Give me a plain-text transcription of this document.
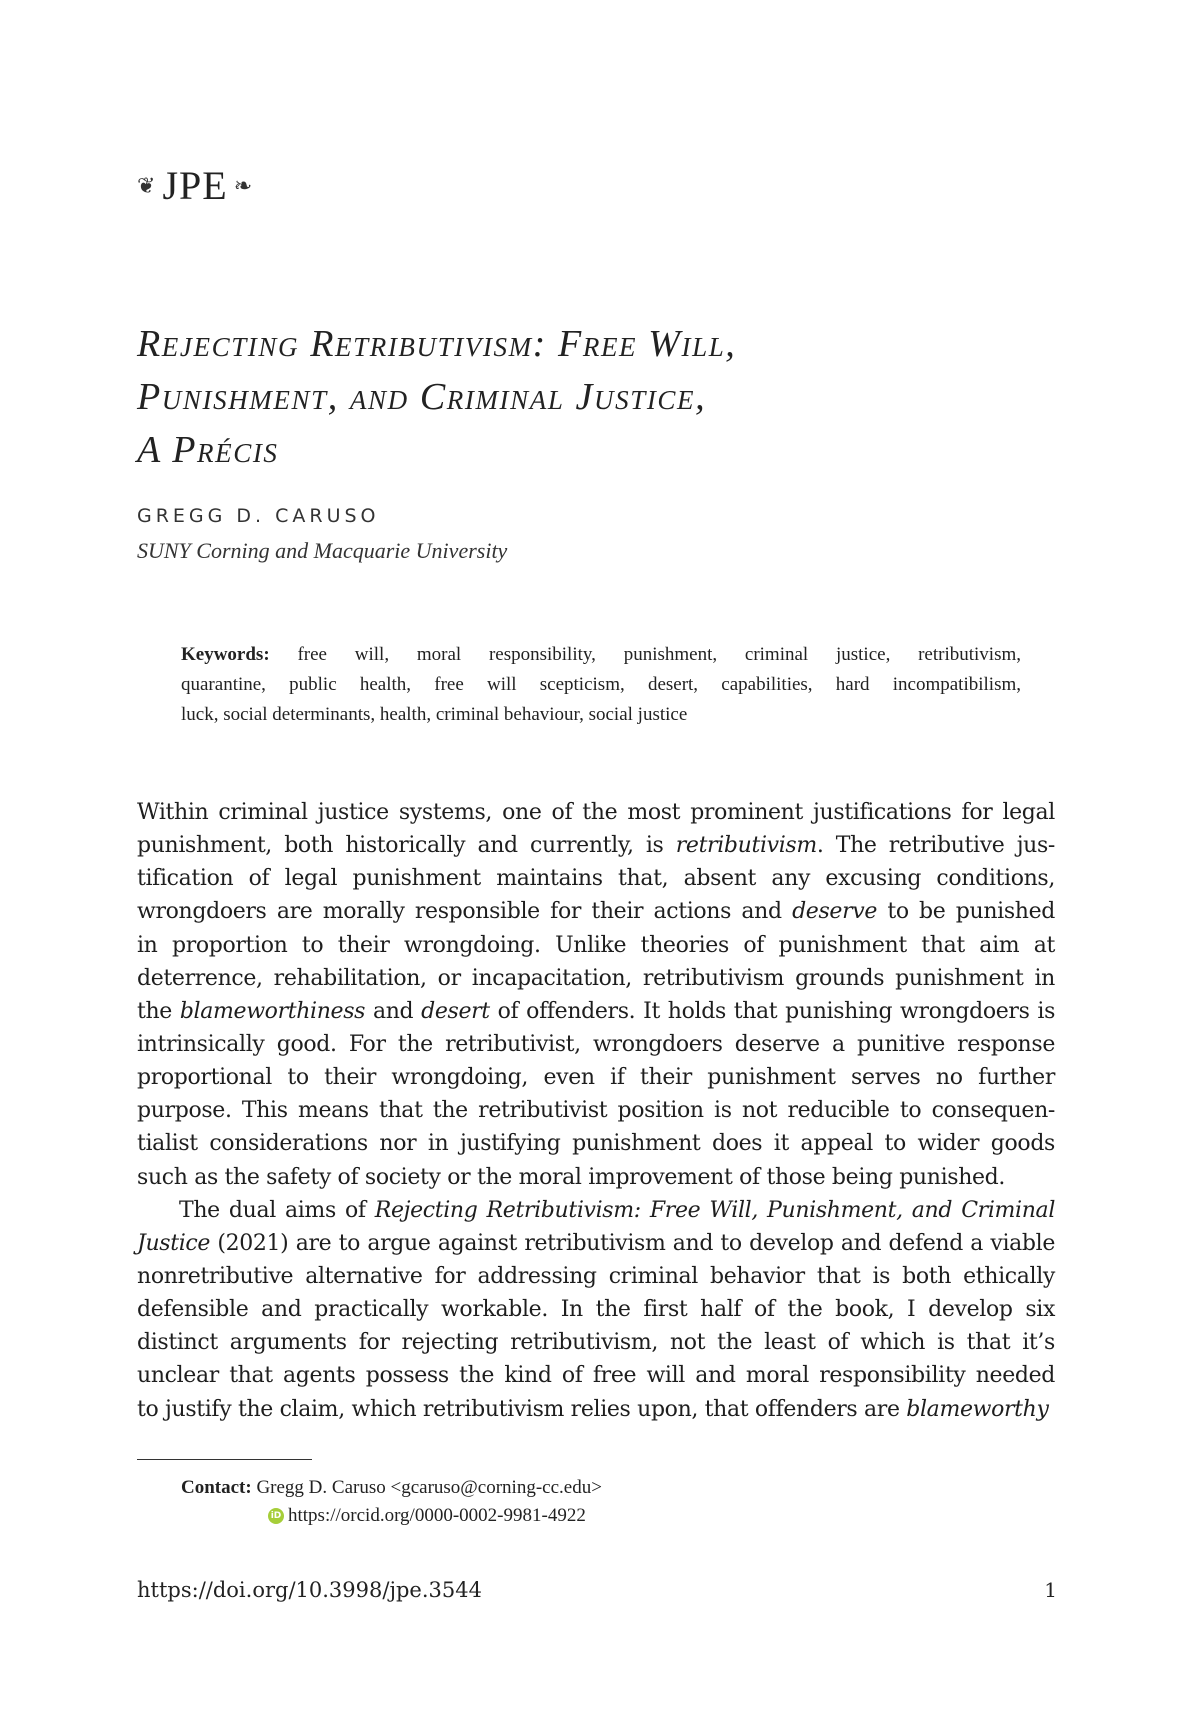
❦ JPE ❧
Rejecting Retributivism: Free Will,
Punishment, and Criminal Justice,
A Précis
GREGG D. CARUSO
SUNY Corning and Macquarie University
Keywords: free will, moral responsibility, punishment, criminal justice, retributivism,
quarantine, public health, free will scepticism, desert, capabilities, hard incompatibilism,
luck, social determinants, health, criminal behaviour, social justice
Within criminal justice systems, one of the most prominent justifications for legal
punishment, both historically and currently, is retributivism. The retributive jus-
tification of legal punishment maintains that, absent any excusing conditions,
wrongdoers are morally responsible for their actions and deserve to be punished
in proportion to their wrongdoing. Unlike theories of punishment that aim at
deterrence, rehabilitation, or incapacitation, retributivism grounds punishment in
the blameworthiness and desert of offenders. It holds that punishing wrongdoers is
intrinsically good. For the retributivist, wrongdoers deserve a punitive response
proportional to their wrongdoing, even if their punishment serves no further
purpose. This means that the retributivist position is not reducible to consequen-
tialist considerations nor in justifying punishment does it appeal to wider goods
such as the safety of society or the moral improvement of those being punished.
The dual aims of Rejecting Retributivism: Free Will, Punishment, and Criminal
Justice (2021) are to argue against retributivism and to develop and defend a viable
nonretributive alternative for addressing criminal behavior that is both ethically
defensible and practically workable. In the first half of the book, I develop six
distinct arguments for rejecting retributivism, not the least of which is that it’s
unclear that agents possess the kind of free will and moral responsibility needed
to justify the claim, which retributivism relies upon, that offenders are blameworthy
Contact: Gregg D. Caruso <gcaruso@corning-cc.edu>
iD https://orcid.org/0000-0002-9981-4922
https://doi.org/10.3998/jpe.3544	1
